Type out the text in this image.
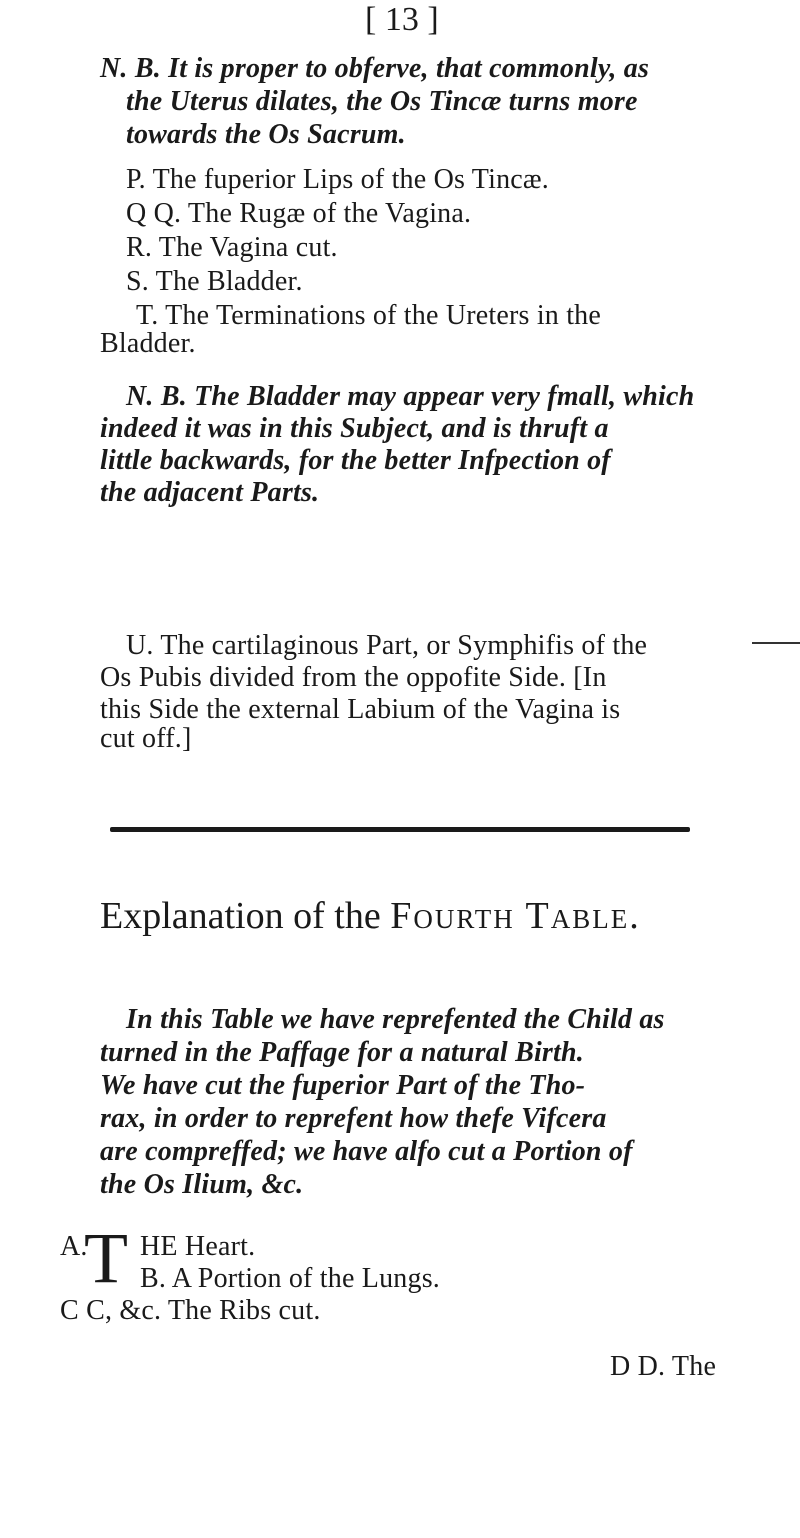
[ 13 ]
N. B. It is proper to obferve, that commonly, as
the Uterus dilates, the Os Tincæ turns more
towards the Os Sacrum.
P. The fuperior Lips of the Os Tincæ.
Q Q. The Rugæ of the Vagina.
R. The Vagina cut.
S. The Bladder.
T. The Terminations of the Ureters in the
Bladder.
N. B. The Bladder may appear very fmall, which
indeed it was in this Subject, and is thruft a
little backwards, for the better Infpection of
the adjacent Parts.
U. The cartilaginous Part, or Symphifis of the
Os Pubis divided from the oppofite Side. [In
this Side the external Labium of the Vagina is
cut off.]
Explanation of the Fourth Table.
In this Table we have reprefented the Child as
turned in the Paffage for a natural Birth.
We have cut the fuperior Part of the Tho-
rax, in order to reprefent how thefe Vifcera
are compreffed; we have alfo cut a Portion of
the Os Ilium, &c.
A.
T HE Heart.
B. A Portion of the Lungs.
C C, &c. The Ribs cut.
D D. The
